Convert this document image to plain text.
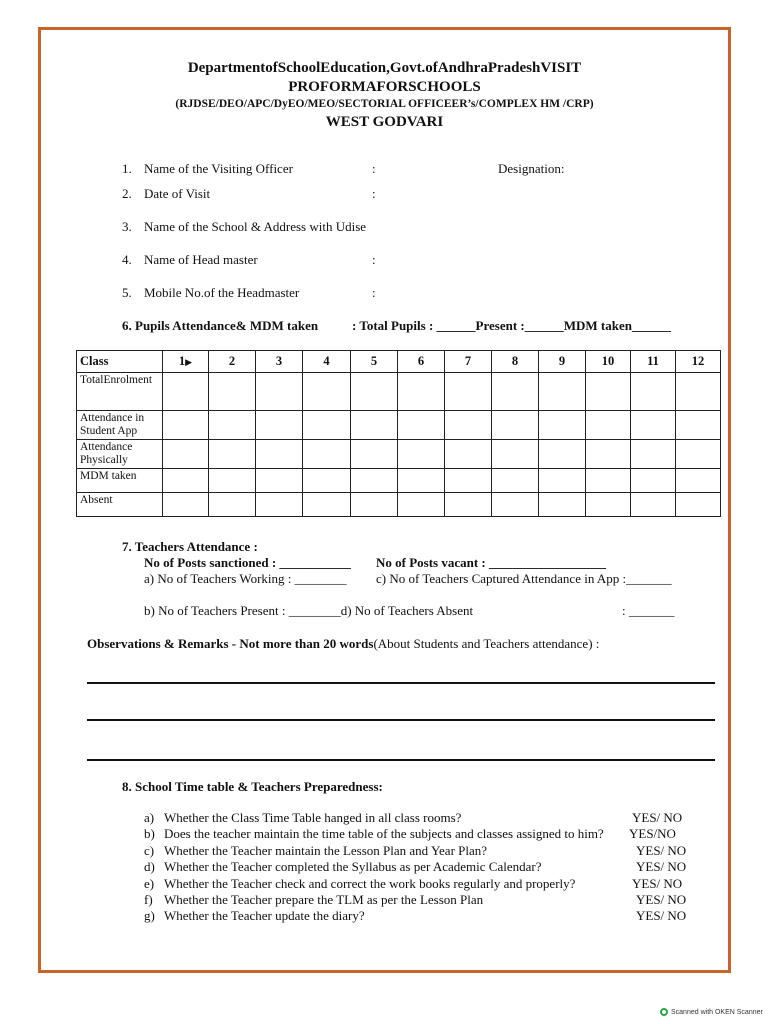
DepartmentofSchoolEducation,Govt.ofAndhraPradeshVISIT
PROFORMAFORSCHOOLS
(RJDSE/DEO/APC/DyEO/MEO/SECTORIAL OFFICEER’s/COMPLEX HM /CRP)
WEST GODVARI
1. Name of the Visiting Officer	:	Designation:
2. Date of Visit	:
3. Name of the School & Address with Udise
4. Name of Head master	:
5. Mobile No.of the Headmaster	:
6. Pupils Attendance& MDM taken	: Total Pupils : ______Present :______MDM taken______
Class	1▶	2	3	4	5	6	7	8	9	10	11	12
TotalEnrolment												
Attendance in Student App												
Attendance Physically												
MDM taken												
Absent												
7. Teachers Attendance :
No of Posts sanctioned : ___________ No of Posts vacant : __________________
a) No of Teachers Working : ________ c) No of Teachers Captured Attendance in App :_______
b) No of Teachers Present : ________d) No of Teachers Absent	: _______
Observations & Remarks - Not more than 20 words(About Students and Teachers attendance) :
8. School Time table & Teachers Preparedness:
a) Whether the Class Time Table hanged in all class rooms?	YES/ NO
b) Does the teacher maintain the time table of the subjects and classes assigned to him? YES/NO
c) Whether the Teacher maintain the Lesson Plan and Year Plan?	YES/ NO
d) Whether the Teacher completed the Syllabus as per Academic Calendar?	YES/ NO
e) Whether the Teacher check and correct the work books regularly and properly?	YES/ NO
f) Whether the Teacher prepare the TLM as per the Lesson Plan	YES/ NO
g) Whether the Teacher update the diary?	YES/ NO
Scanned with OKEN Scanner
